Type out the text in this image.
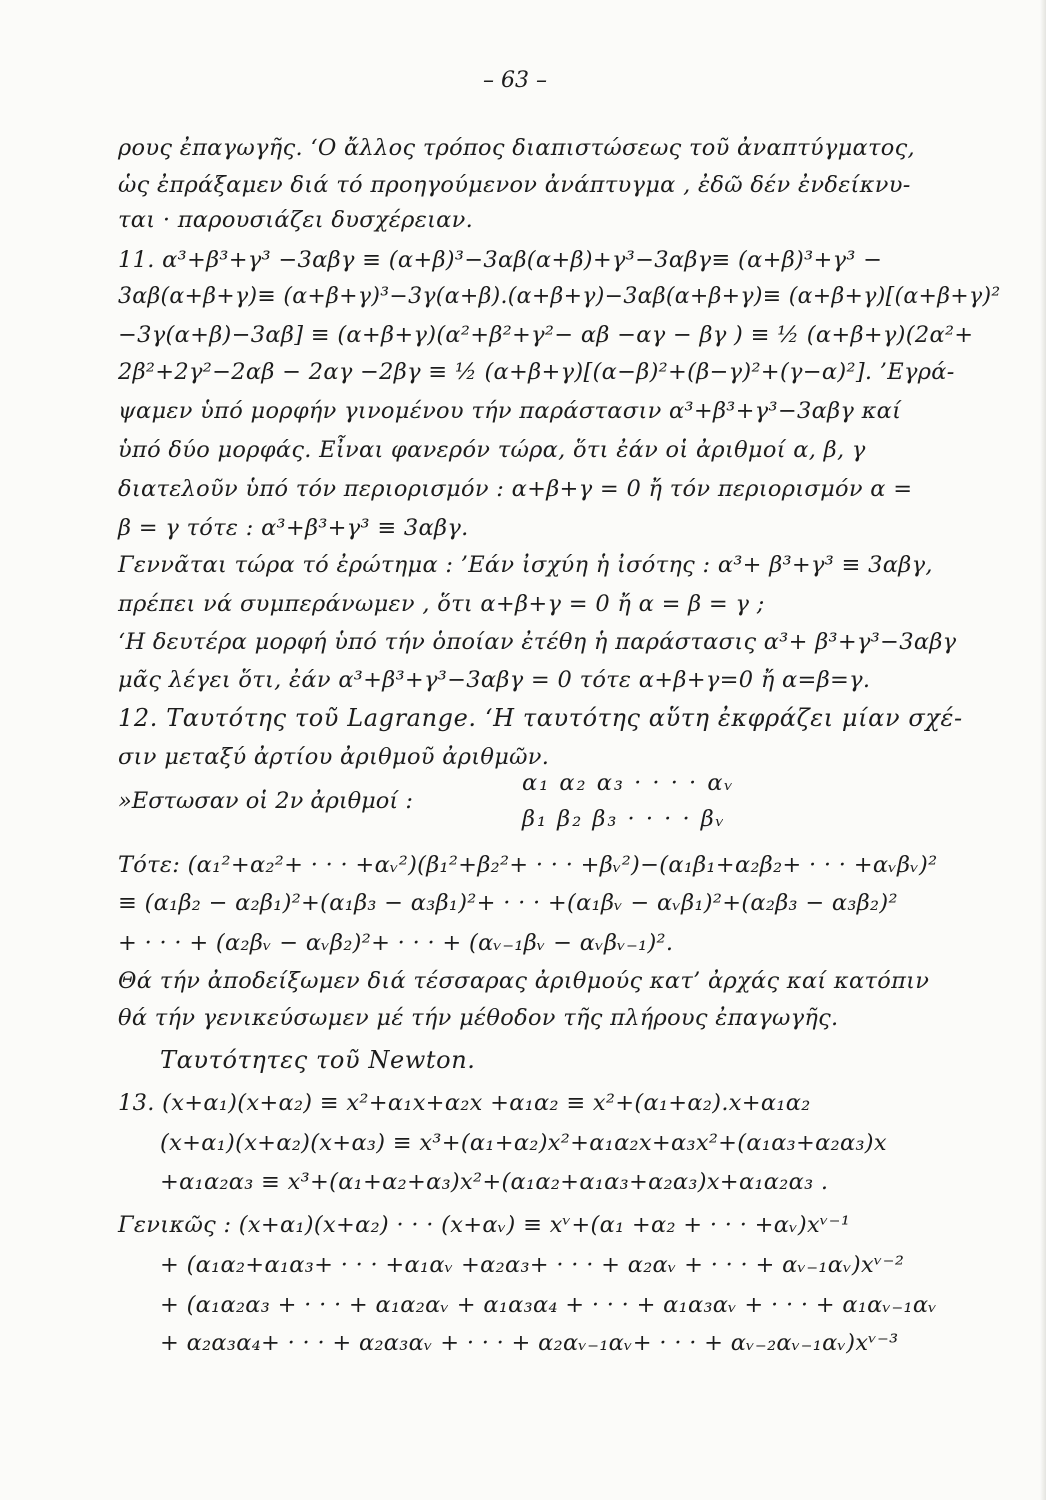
– 63 –
ρους ἐπαγωγῆς. ‘Ο ἄλλος τρόπος διαπιστώσεως τοῦ ἀναπτύγματος,
ὡς ἐπράξαμεν διά τό προηγούμενον ἀνάπτυγμα , ἐδῶ δέν ἐνδείκνυ-
ται · παρουσιάζει δυσχέρειαν.
11. α³+β³+γ³ −3αβγ ≡ (α+β)³−3αβ(α+β)+γ³−3αβγ≡ (α+β)³+γ³ −
3αβ(α+β+γ)≡ (α+β+γ)³−3γ(α+β).(α+β+γ)−3αβ(α+β+γ)≡ (α+β+γ)[(α+β+γ)²
−3γ(α+β)−3αβ] ≡ (α+β+γ)(α²+β²+γ²− αβ −αγ − βγ ) ≡ ½ (α+β+γ)(2α²+
2β²+2γ²−2αβ − 2αγ −2βγ ≡ ½ (α+β+γ)[(α−β)²+(β−γ)²+(γ−α)²]. ’Εγρά-
ψαμεν ὑπό μορφήν γινομένου τήν παράστασιν α³+β³+γ³−3αβγ καί
ὑπό δύο μορφάς. Εἶναι φανερόν τώρα, ὅτι ἐάν οἱ ἀριθμοί α, β, γ
διατελοῦν ὑπό τόν περιορισμόν : α+β+γ = 0 ἤ τόν περιορισμόν α =
β = γ τότε : α³+β³+γ³ ≡ 3αβγ.
Γεννᾶται τώρα τό ἐρώτημα : ’Εάν ἰσχύη ἡ ἰσότης : α³+ β³+γ³ ≡ 3αβγ,
πρέπει νά συμπεράνωμεν , ὅτι α+β+γ = 0 ἤ α = β = γ ;
‘Η δευτέρα μορφή ὑπό τήν ὁποίαν ἐτέθη ἡ παράστασις α³+ β³+γ³−3αβγ
μᾶς λέγει ὅτι, ἐάν α³+β³+γ³−3αβγ = 0 τότε α+β+γ=0 ἤ α=β=γ.
12. Ταυτότης τοῦ Lagrange. ‘Η ταυτότης αὕτη ἐκφράζει μίαν σχέ-
σιν μεταξύ ἀρτίου ἀριθμοῦ ἀριθμῶν.
α₁ α₂ α₃ · · · · αᵥ
»Εστωσαν οἱ 2ν ἀριθμοί :
β₁ β₂ β₃ · · · · βᵥ
Τότε: (α₁²+α₂²+ · · · +αᵥ²)(β₁²+β₂²+ · · · +βᵥ²)−(α₁β₁+α₂β₂+ · · · +αᵥβᵥ)²
≡ (α₁β₂ − α₂β₁)²+(α₁β₃ − α₃β₁)²+ · · · +(α₁βᵥ − αᵥβ₁)²+(α₂β₃ − α₃β₂)²
+ · · · + (α₂βᵥ − αᵥβ₂)²+ · · · + (αᵥ₋₁βᵥ − αᵥβᵥ₋₁)².
Θά τήν ἀποδείξωμεν διά τέσσαρας ἀριθμούς κατ’ ἀρχάς καί κατόπιν
θά τήν γενικεύσωμεν μέ τήν μέθοδον τῆς πλήρους ἐπαγωγῆς.
Ταυτότητες τοῦ Newton.
13. (x+α₁)(x+α₂) ≡ x²+α₁x+α₂x +α₁α₂ ≡ x²+(α₁+α₂).x+α₁α₂
(x+α₁)(x+α₂)(x+α₃) ≡ x³+(α₁+α₂)x²+α₁α₂x+α₃x²+(α₁α₃+α₂α₃)x
+α₁α₂α₃ ≡ x³+(α₁+α₂+α₃)x²+(α₁α₂+α₁α₃+α₂α₃)x+α₁α₂α₃ .
Γενικῶς : (x+α₁)(x+α₂) · · · (x+αᵥ) ≡ xᵛ+(α₁ +α₂ + · · · +αᵥ)xᵛ⁻¹
+ (α₁α₂+α₁α₃+ · · · +α₁αᵥ +α₂α₃+ · · · + α₂αᵥ + · · · + αᵥ₋₁αᵥ)xᵛ⁻²
+ (α₁α₂α₃ + · · · + α₁α₂αᵥ + α₁α₃α₄ + · · · + α₁α₃αᵥ + · · · + α₁αᵥ₋₁αᵥ
+ α₂α₃α₄+ · · · + α₂α₃αᵥ + · · · + α₂αᵥ₋₁αᵥ+ · · · + αᵥ₋₂αᵥ₋₁αᵥ)xᵛ⁻³
